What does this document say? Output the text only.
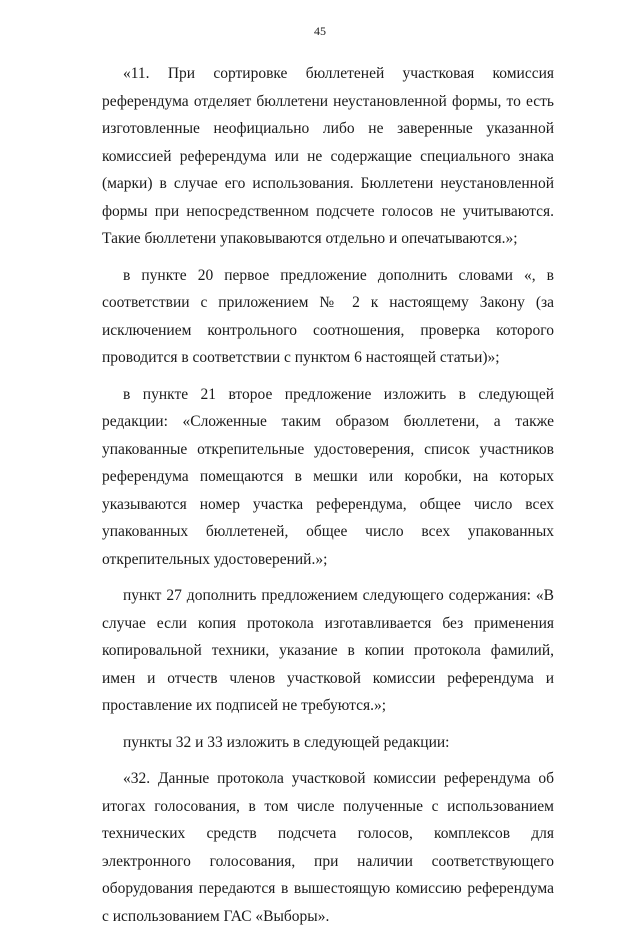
45

«11. При сортировке бюллетеней участковая комиссия референдума отделяет бюллетени неустановленной формы, то есть изготовленные неофициально либо не заверенные указанной комиссией референдума или не содержащие специального знака (марки) в случае его использования. Бюллетени неустановленной формы при непосредственном подсчете голосов не учитываются. Такие бюллетени упаковываются отдельно и опечатываются.»;

в пункте 20 первое предложение дополнить словами «, в соответствии с приложением № 2 к настоящему Закону (за исключением контрольного соотношения, проверка которого проводится в соответствии с пунктом 6 настоящей статьи)»;

в пункте 21 второе предложение изложить в следующей редакции: «Сложенные таким образом бюллетени, а также упакованные открепительные удостоверения, список участников референдума помещаются в мешки или коробки, на которых указываются номер участка референдума, общее число всех упакованных бюллетеней, общее число всех упакованных открепительных удостоверений.»;

пункт 27 дополнить предложением следующего содержания: «В случае если копия протокола изготавливается без применения копировальной техники, указание в копии протокола фамилий, имен и отчеств членов участковой комиссии референдума и проставление их подписей не требуются.»;

пункты 32 и 33 изложить в следующей редакции:

«32. Данные протокола участковой комиссии референдума об итогах голосования, в том числе полученные с использованием технических средств подсчета голосов, комплексов для электронного голосования, при наличии соответствующего оборудования передаются в вышестоящую комиссию референдума с использованием ГАС «Выборы».
